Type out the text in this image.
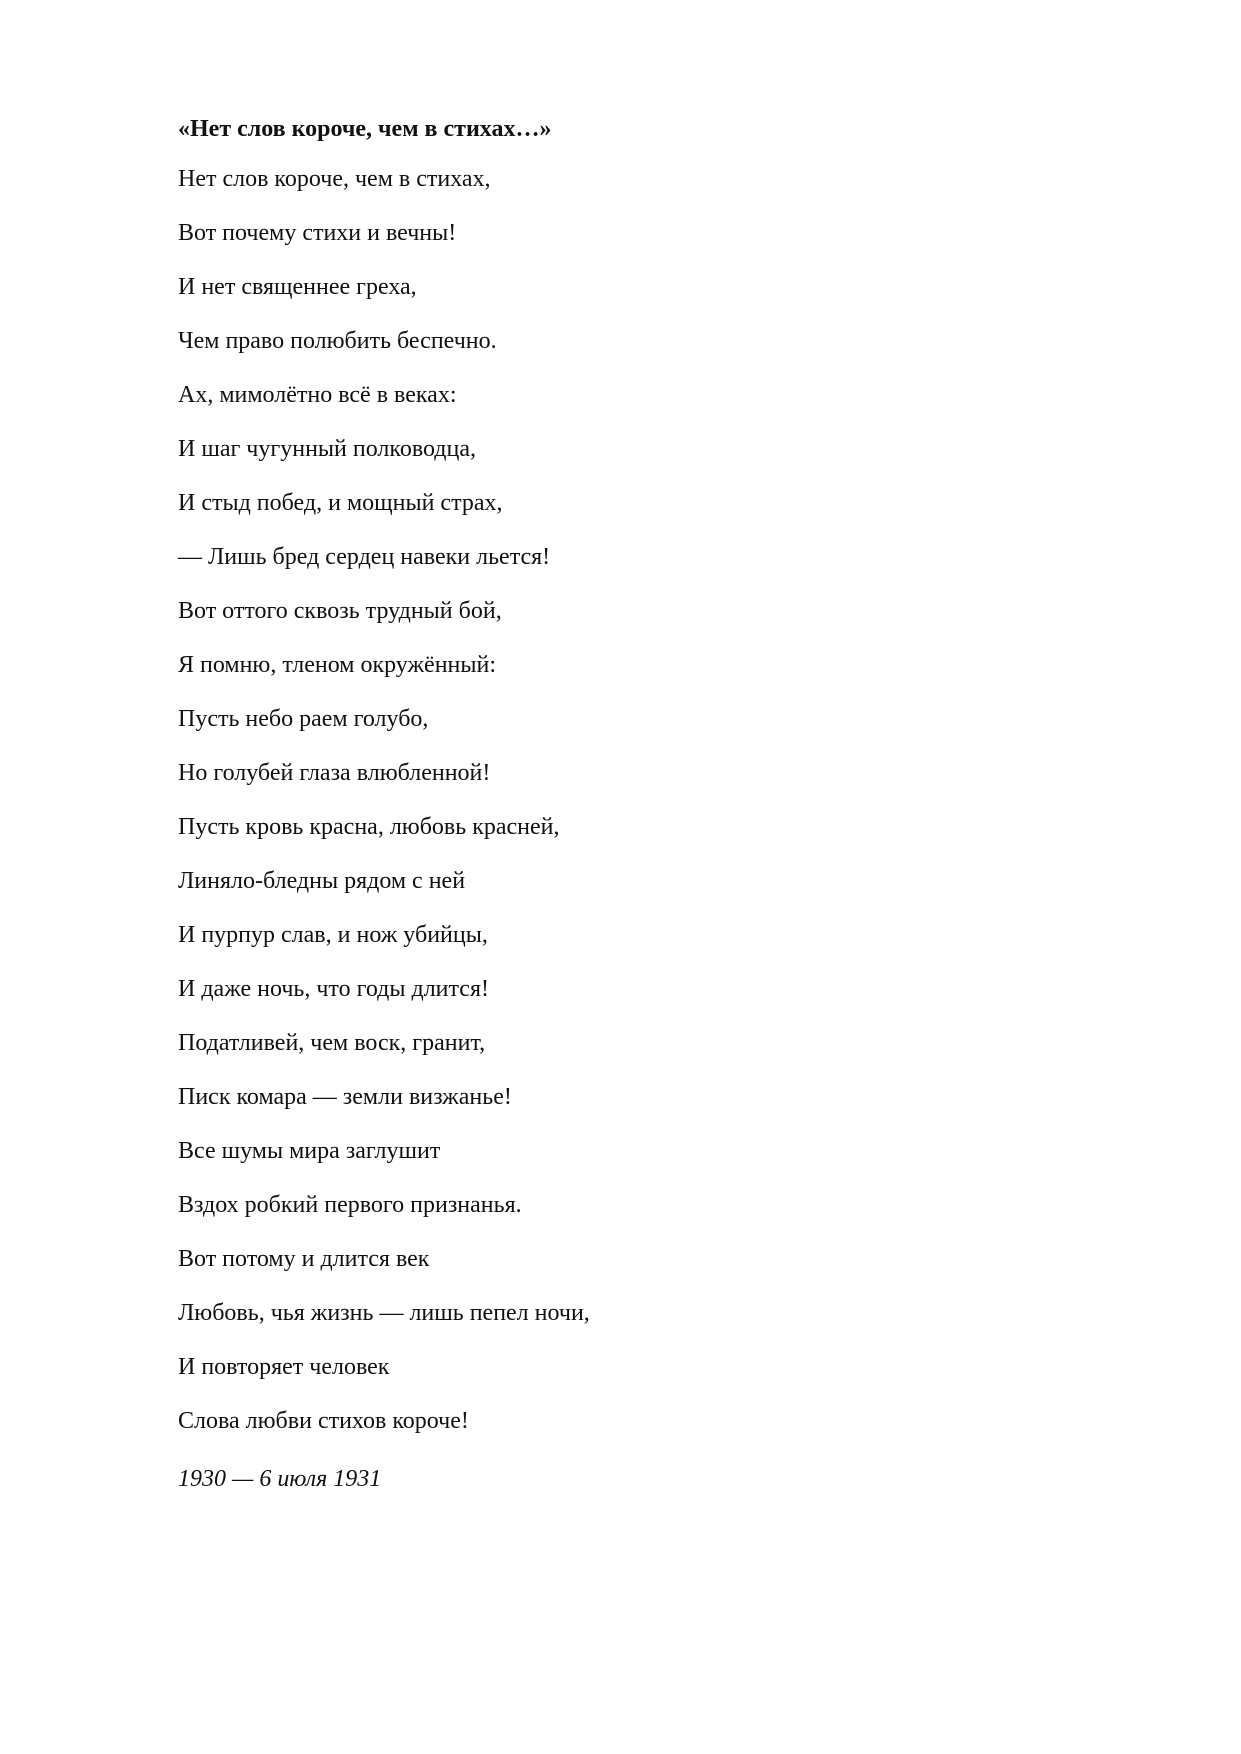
«Нет слов короче, чем в стихах…»
Нет слов короче, чем в стихах,
Вот почему стихи и вечны!
И нет священнее греха,
Чем право полюбить беспечно.
Ах, мимолётно всё в веках:
И шаг чугунный полководца,
И стыд побед, и мощный страх,
— Лишь бред сердец навеки льется!
Вот оттого сквозь трудный бой,
Я помню, тленом окружённый:
Пусть небо раем голубо,
Но голубей глаза влюбленной!
Пусть кровь красна, любовь красней,
Линяло-бледны рядом с ней
И пурпур слав, и нож убийцы,
И даже ночь, что годы длится!
Податливей, чем воск, гранит,
Писк комара — земли визжанье!
Все шумы мира заглушит
Вздох робкий первого признанья.
Вот потому и длится век
Любовь, чья жизнь — лишь пепел ночи,
И повторяет человек
Слова любви стихов короче!
1930 — 6 июля 1931
